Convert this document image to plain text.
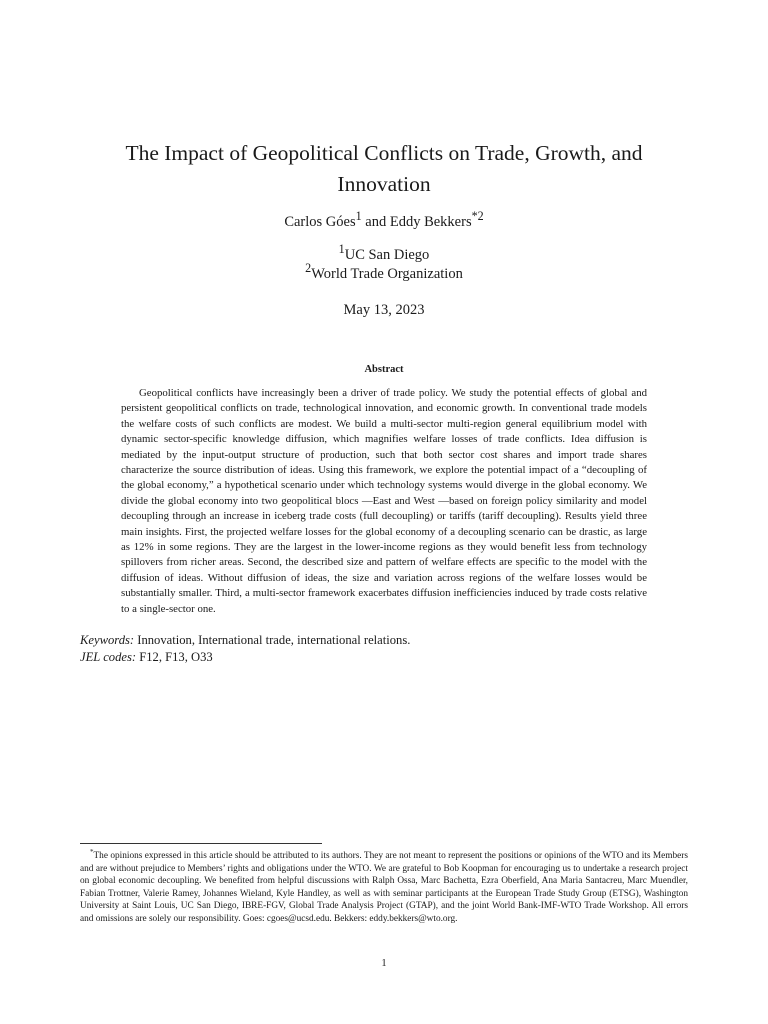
The Impact of Geopolitical Conflicts on Trade, Growth, and Innovation
Carlos Góes$^1$ and Eddy Bekkers$^{*2}$
$^1$UC San Diego
$^2$World Trade Organization
May 13, 2023
Abstract

Geopolitical conflicts have increasingly been a driver of trade policy. We study the potential effects of global and persistent geopolitical conflicts on trade, technological innovation, and economic growth. In conventional trade models the welfare costs of such conflicts are modest. We build a multi-sector multi-region general equilibrium model with dynamic sector-specific knowledge diffusion, which magnifies welfare losses of trade conflicts. Idea diffusion is mediated by the input-output structure of production, such that both sector cost shares and import trade shares characterize the source distribution of ideas. Using this framework, we explore the potential impact of a “decoupling of the global economy,” a hypothetical scenario under which technology systems would diverge in the global economy. We divide the global economy into two geopolitical blocs —East and West —based on foreign policy similarity and model decoupling through an increase in iceberg trade costs (full decoupling) or tariffs (tariff decoupling). Results yield three main insights. First, the projected welfare losses for the global economy of a decoupling scenario can be drastic, as large as 12% in some regions. They are the largest in the lower-income regions as they would benefit less from technology spillovers from richer areas. Second, the described size and pattern of welfare effects are specific to the model with the diffusion of ideas. Without diffusion of ideas, the size and variation across regions of the welfare losses would be substantially smaller. Third, a multi-sector framework exacerbates diffusion inefficiencies induced by trade costs relative to a single-sector one.

Keywords: Innovation, International trade, international relations.
JEL codes: F12, F13, O33

*The opinions expressed in this article should be attributed to its authors. They are not meant to represent the positions or opinions of the WTO and its Members and are without prejudice to Members’ rights and obligations under the WTO. We are grateful to Bob Koopman for encouraging us to undertake a research project on global economic decoupling. We benefited from helpful discussions with Ralph Ossa, Marc Bachetta, Ezra Oberfield, Ana Maria Santacreu, Marc Muendler, Fabian Trottner, Valerie Ramey, Johannes Wieland, Kyle Handley, as well as with seminar participants at the European Trade Study Group (ETSG), Washington University at Saint Louis, UC San Diego, IBRE-FGV, Global Trade Analysis Project (GTAP), and the joint World Bank-IMF-WTO Trade Workshop. All errors and omissions are solely our responsibility. Goes: cgoes@ucsd.edu. Bekkers: eddy.bekkers@wto.org.

1
